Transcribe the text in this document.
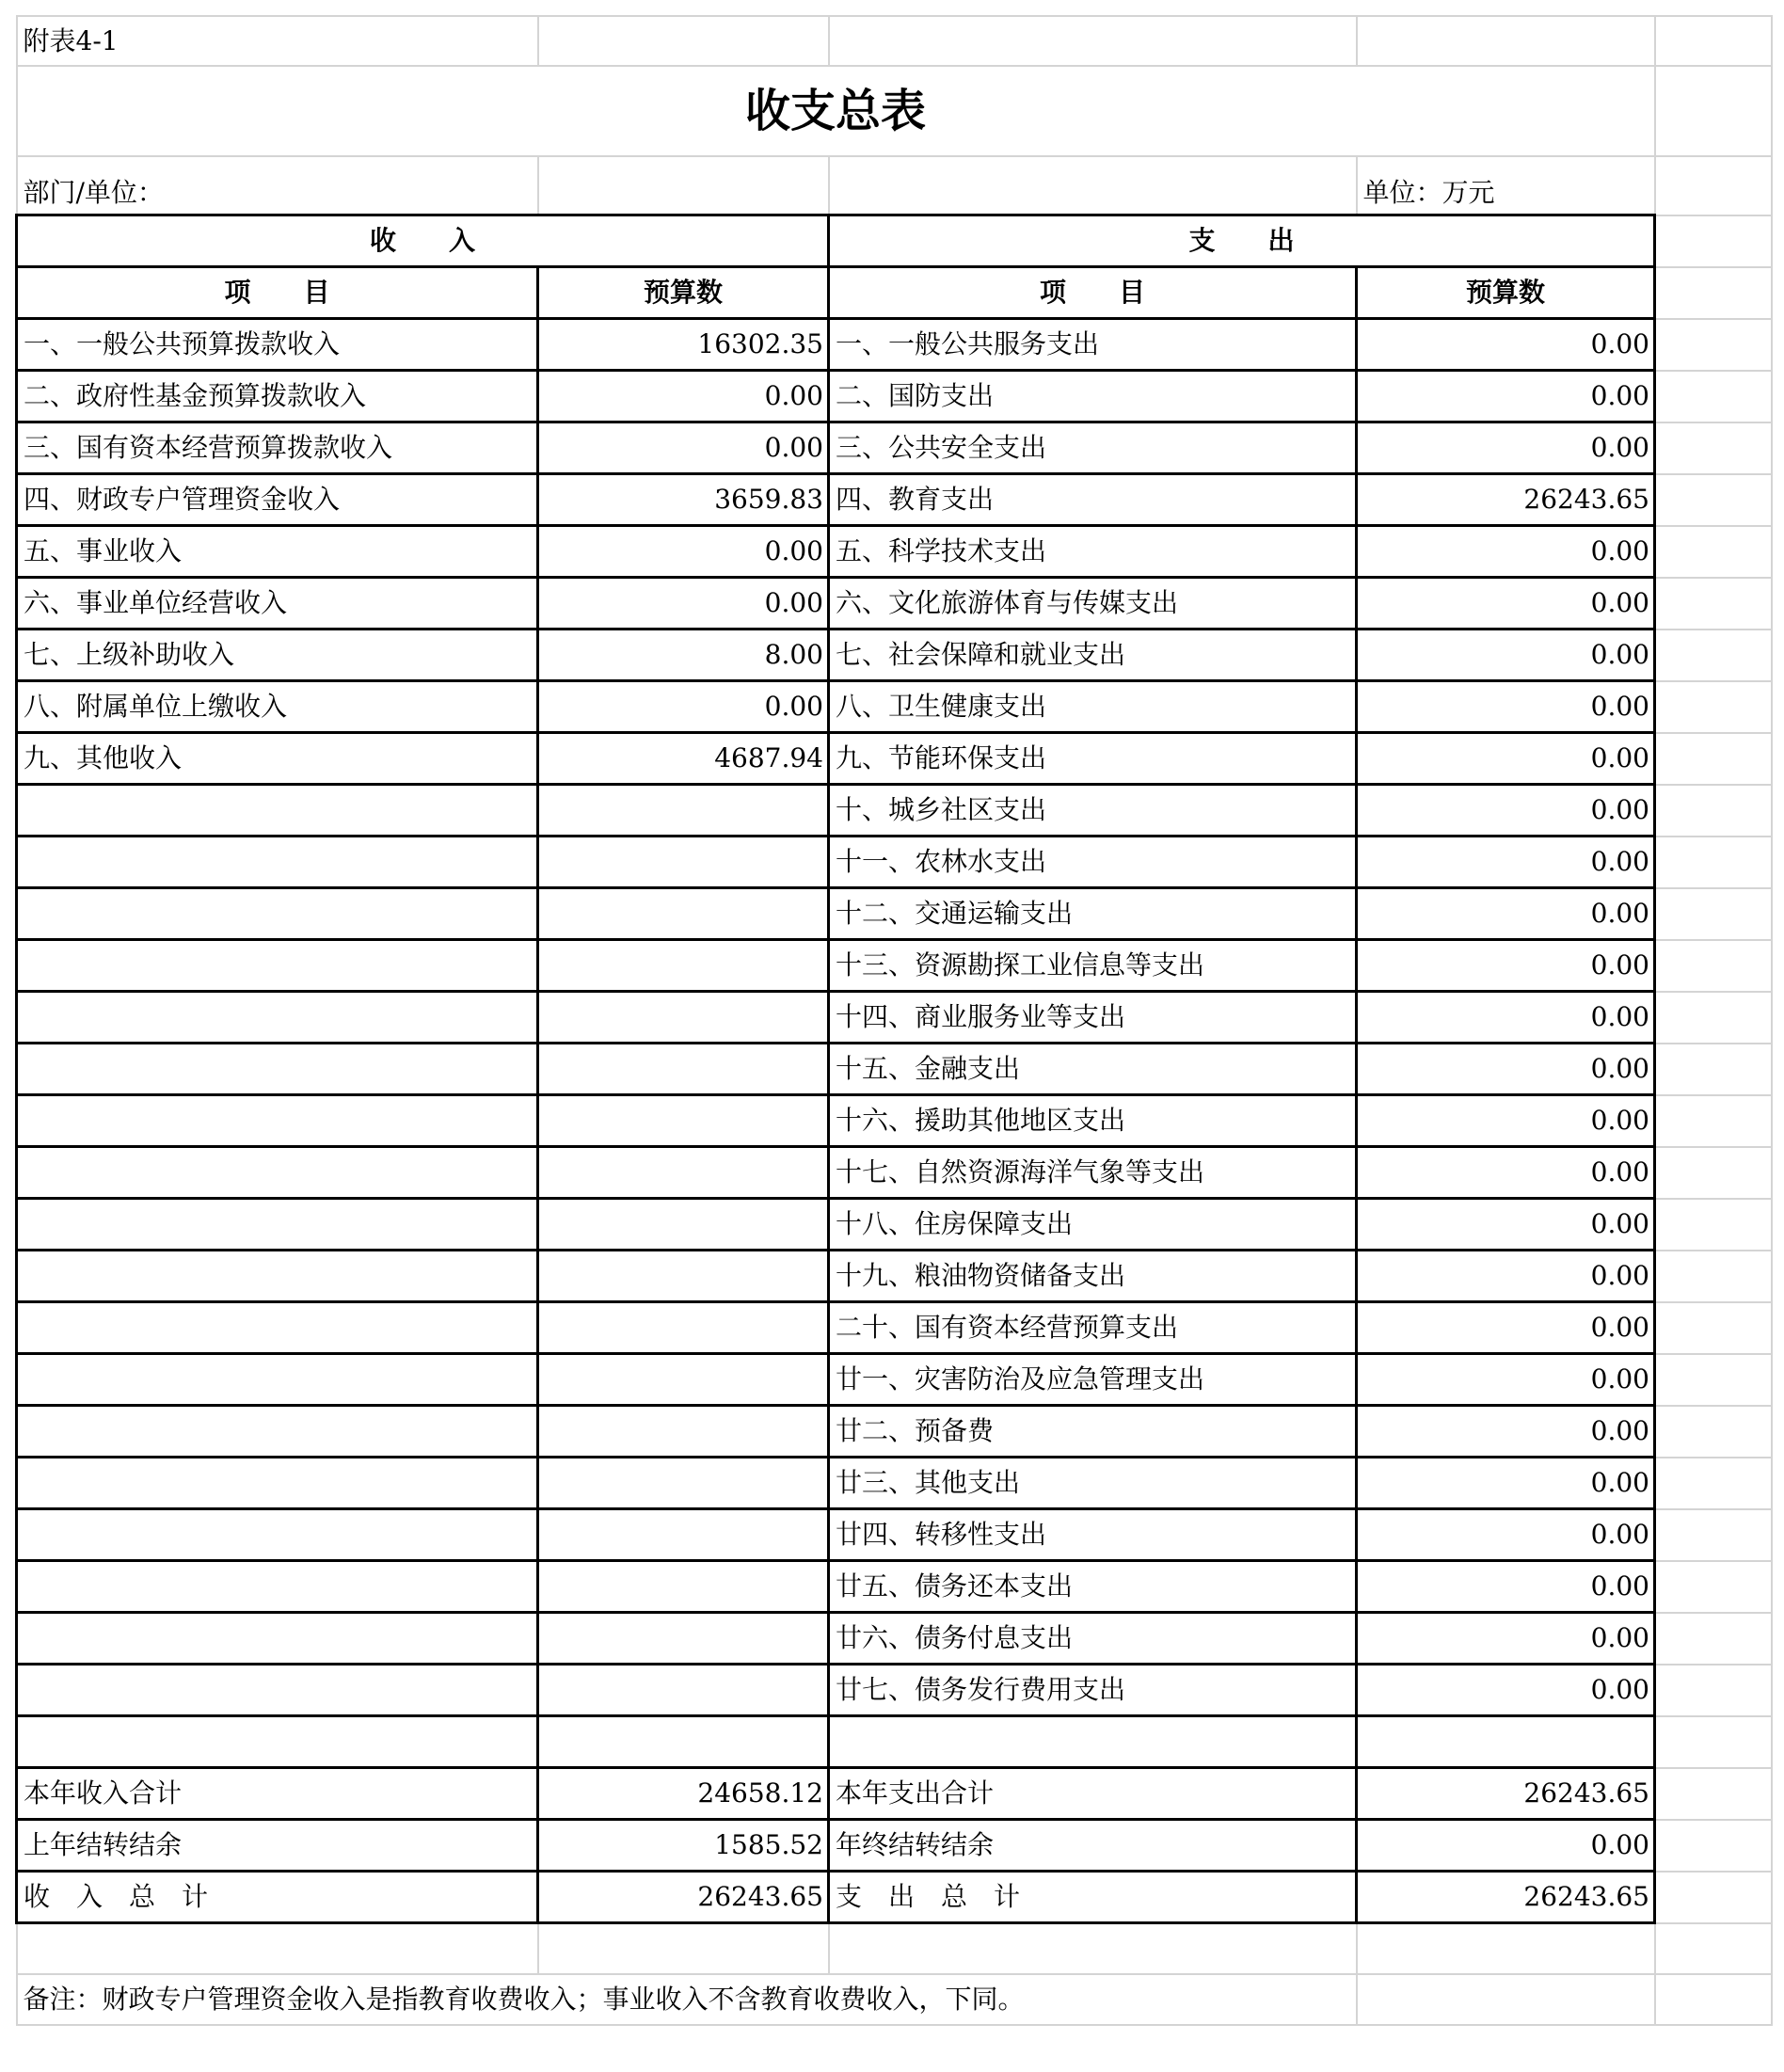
附表4-1				
收支总表				
部门/单位：			单位：万元	
收　　入		支　　出		
项　　目	预算数	项　　目	预算数	
一、一般公共预算拨款收入	16302.35	一、一般公共服务支出	0.00	
二、政府性基金预算拨款收入	0.00	二、国防支出	0.00	
三、国有资本经营预算拨款收入	0.00	三、公共安全支出	0.00	
四、财政专户管理资金收入	3659.83	四、教育支出	26243.65	
五、事业收入	0.00	五、科学技术支出	0.00	
六、事业单位经营收入	0.00	六、文化旅游体育与传媒支出	0.00	
七、上级补助收入	8.00	七、社会保障和就业支出	0.00	
八、附属单位上缴收入	0.00	八、卫生健康支出	0.00	
九、其他收入	4687.94	九、节能环保支出	0.00	
		十、城乡社区支出	0.00	
		十一、农林水支出	0.00	
		十二、交通运输支出	0.00	
		十三、资源勘探工业信息等支出	0.00	
		十四、商业服务业等支出	0.00	
		十五、金融支出	0.00	
		十六、援助其他地区支出	0.00	
		十七、自然资源海洋气象等支出	0.00	
		十八、住房保障支出	0.00	
		十九、粮油物资储备支出	0.00	
		二十、国有资本经营预算支出	0.00	
		廿一、灾害防治及应急管理支出	0.00	
		廿二、预备费	0.00	
		廿三、其他支出	0.00	
		廿四、转移性支出	0.00	
		廿五、债务还本支出	0.00	
		廿六、债务付息支出	0.00	
		廿七、债务发行费用支出	0.00	

本年收入合计	24658.12	本年支出合计	26243.65	
上年结转结余	1585.52	年终结转结余	0.00	
收　入　总　计	26243.65	支　出　总　计	26243.65	

备注：财政专户管理资金收入是指教育收费收入；事业收入不含教育收费收入，下同。				
